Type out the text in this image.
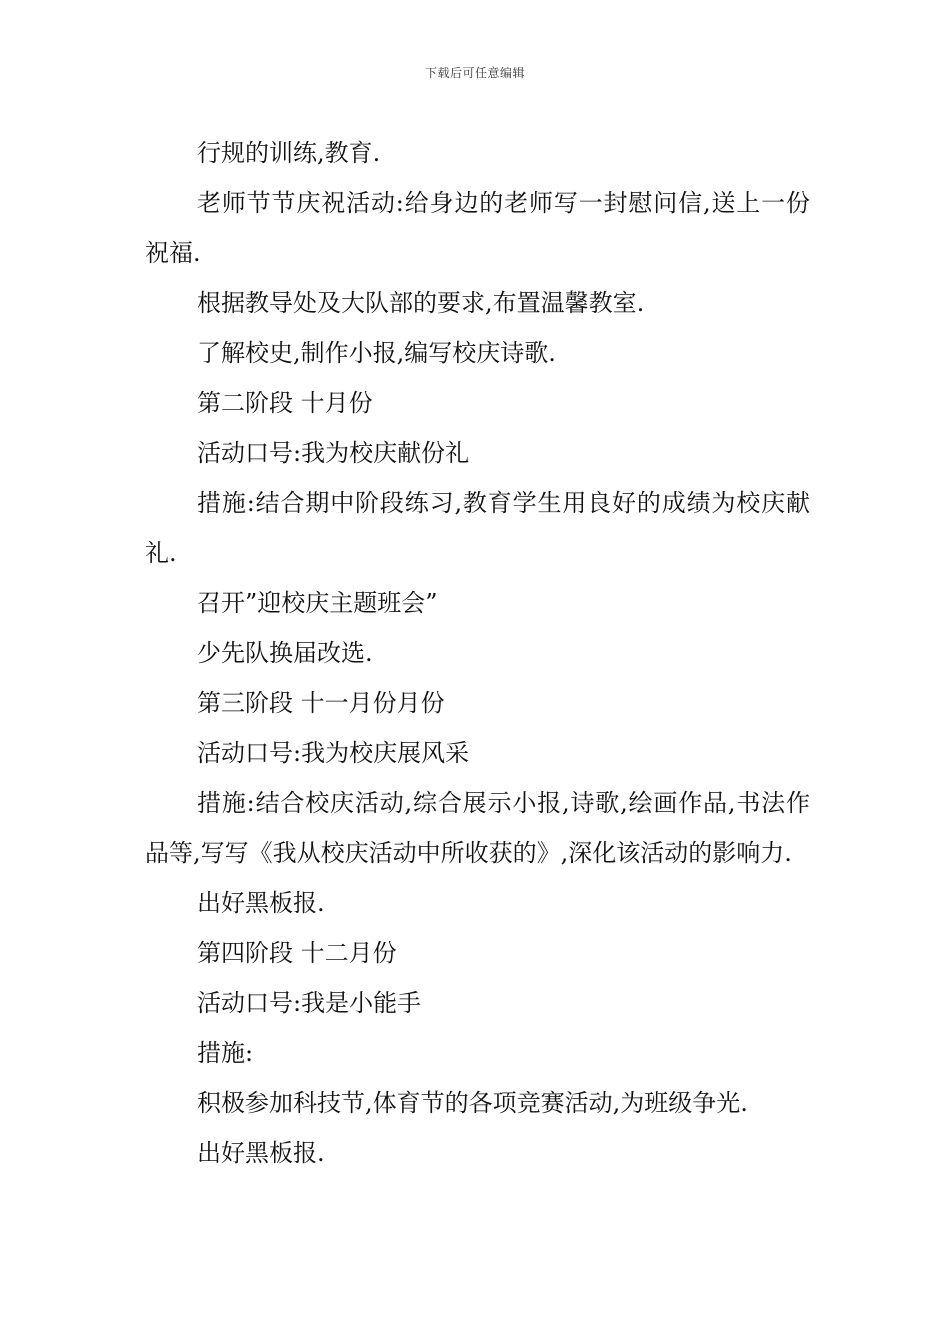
下载后可任意编辑

行规的训练,教育.

老师节节庆祝活动:给身边的老师写一封慰问信,送上一份祝福.

根据教导处及大队部的要求,布置温馨教室.

了解校史,制作小报,编写校庆诗歌.

第二阶段 十月份

活动口号:我为校庆献份礼

措施:结合期中阶段练习,教育学生用良好的成绩为校庆献礼.

召开”迎校庆主题班会”

少先队换届改选.

第三阶段 十一月份月份

活动口号:我为校庆展风采

措施:结合校庆活动,综合展示小报,诗歌,绘画作品,书法作品等,写写《我从校庆活动中所收获的》,深化该活动的影响力.

出好黑板报.

第四阶段 十二月份

活动口号:我是小能手

措施:

积极参加科技节,体育节的各项竞赛活动,为班级争光.

出好黑板报.
